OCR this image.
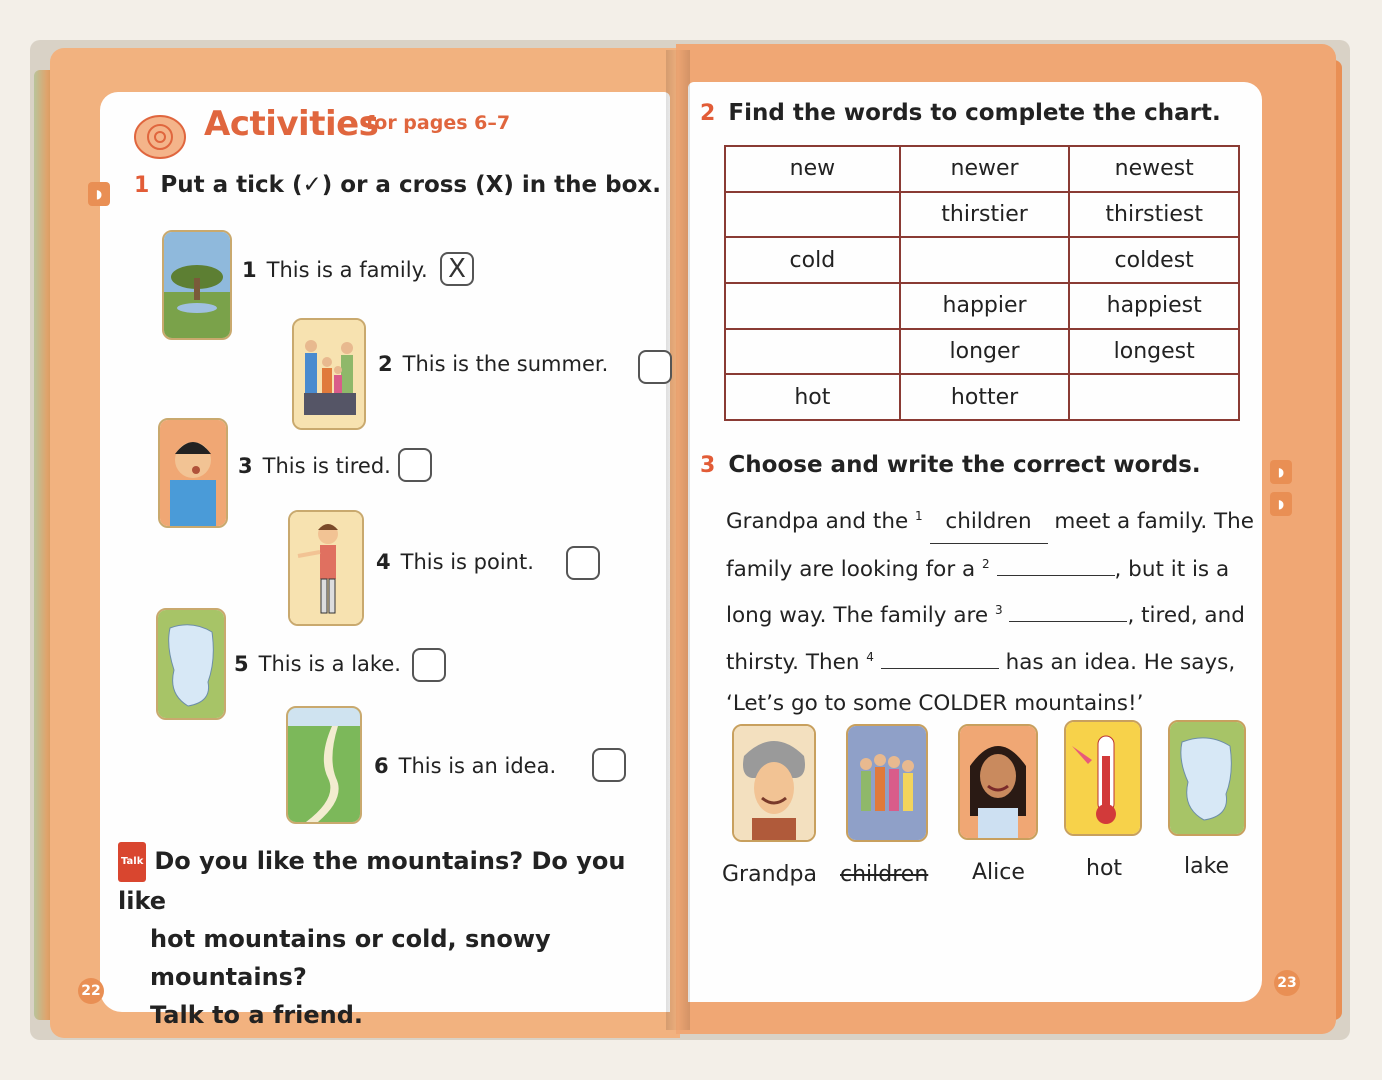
Activities
for pages 6–7
◗	1 Put a tick (✓) or a cross (X) in the box.
1 This is a family. X
2 This is the summer.
3 This is tired.
4 This is point.
5 This is a lake.
6 This is an idea.
Talk Do you like the mountains? Do you like
hot mountains or cold, snowy mountains?
Talk to a friend.
22
2 Find the words to complete the chart.
new	newer	newest
	thirstier	thirstiest
cold		coldest
	happier	happiest
	longer	longest
hot	hotter	
3 Choose and write the correct words.	◗
◗
Grandpa and the $^1$ children meet a family. The
family are looking for a $^2$	, but it is a
long way. The family are $^3$	, tired, and
thirsty. Then $^4$	has an idea. He says,
‘Let’s go to some COLDER mountains!’
Grandpa children Alice	hot	lake
23
